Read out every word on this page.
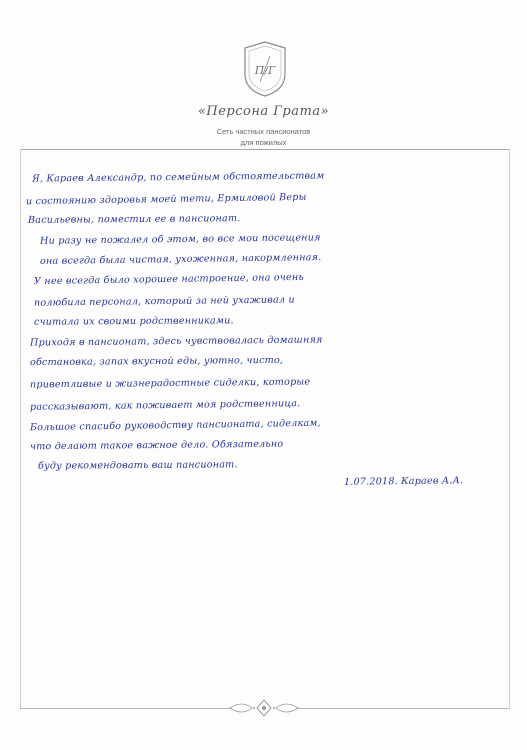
П/Г
«Персона Грата»
Сеть частных пансионатов
для пожилых
Я, Караев Александр, по семейным обстоятельствам
и состоянию здоровья моей тети, Ермиловой Веры
Васильевны, поместил ее в пансионат.
Ни разу не пожалел об этом, во все мои посещения
она всегда была чистая, ухоженная, накормленная.
У нее всегда было хорошее настроение, она очень
полюбила персонал, который за ней ухаживал и
считала их своими родственниками.
Приходя в пансионат, здесь чувствовалась домашняя
обстановка, запах вкусной еды, уютно, чисто,
приветливые и жизнерадостные сиделки, которые
рассказывают, как поживает моя родственница.
Большое спасибо руководству пансионата, сиделкам,
что делают такое важное дело. Обязательно
буду рекомендовать ваш пансионат.
1.07.2018. Караев А.А.
